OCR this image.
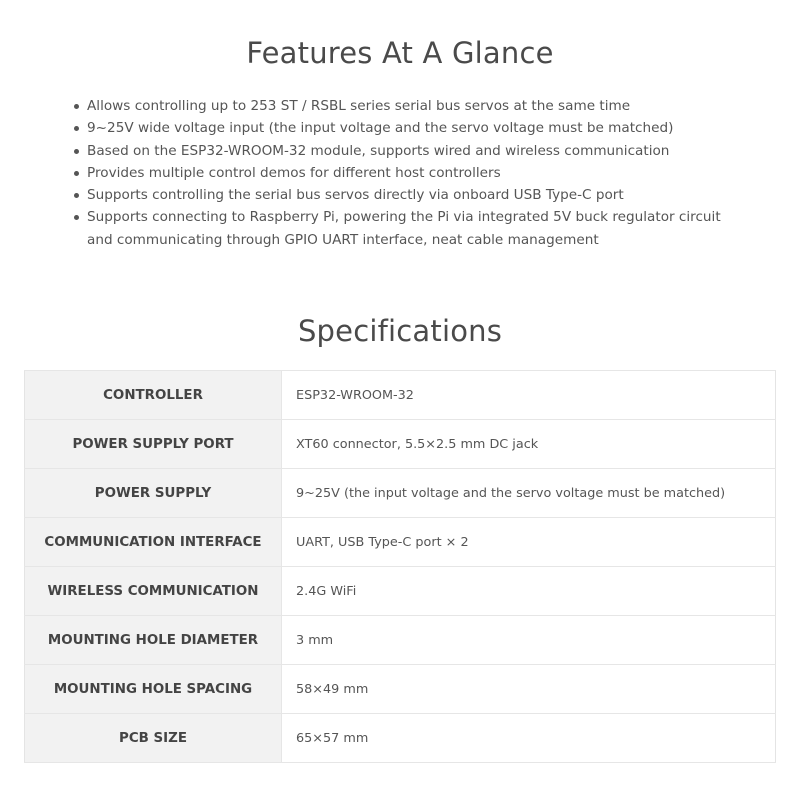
Features At A Glance
Allows controlling up to 253 ST / RSBL series serial bus servos at the same time
9~25V wide voltage input (the input voltage and the servo voltage must be matched)
Based on the ESP32-WROOM-32 module, supports wired and wireless communication
Provides multiple control demos for different host controllers
Supports controlling the serial bus servos directly via onboard USB Type-C port
Supports connecting to Raspberry Pi, powering the Pi via integrated 5V buck regulator circuit and communicating through GPIO UART interface, neat cable management
Specifications
CONTROLLER	ESP32-WROOM-32
POWER SUPPLY PORT	XT60 connector, 5.5×2.5 mm DC jack
POWER SUPPLY	9~25V (the input voltage and the servo voltage must be matched)
COMMUNICATION INTERFACE	UART, USB Type-C port × 2
WIRELESS COMMUNICATION	2.4G WiFi
MOUNTING HOLE DIAMETER	3 mm
MOUNTING HOLE SPACING	58×49 mm
PCB SIZE	65×57 mm
